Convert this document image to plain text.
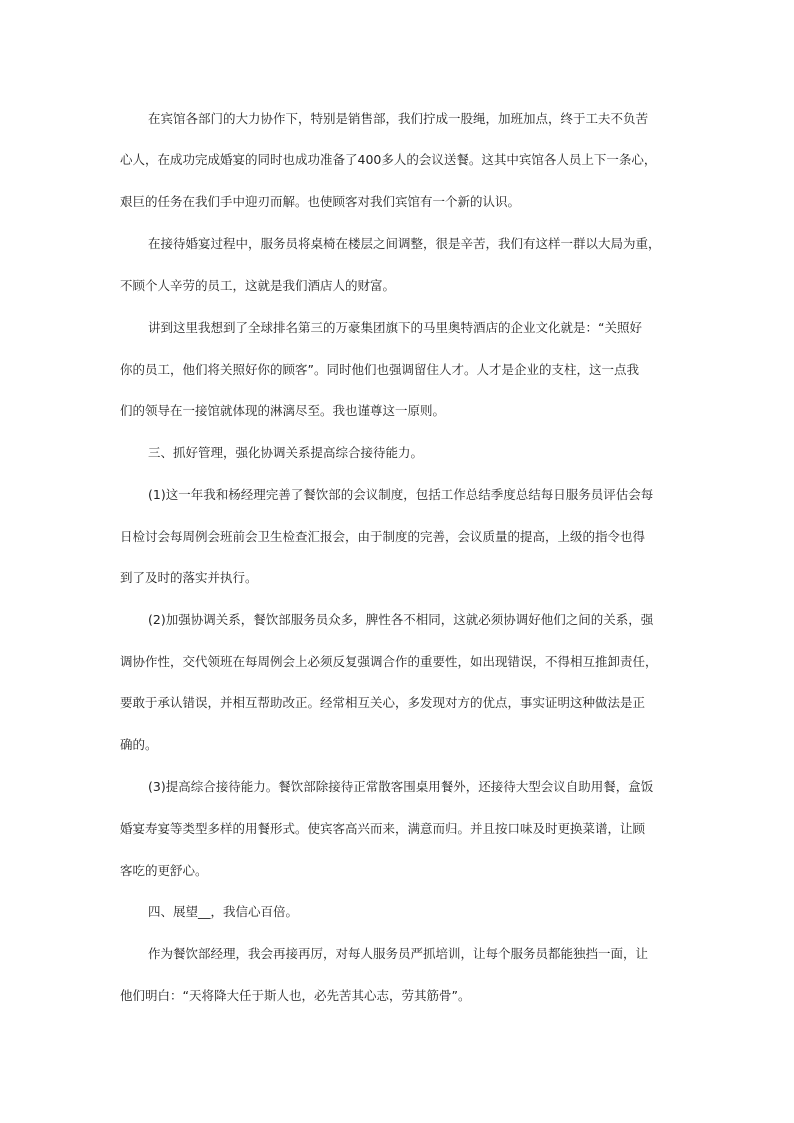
在宾馆各部门的大力协作下，特别是销售部，我们拧成一股绳，加班加点，终于工夫不负苦
心人，在成功完成婚宴的同时也成功准备了400多人的会议送餐。这其中宾馆各人员上下一条心，
艰巨的任务在我们手中迎刃而解。也使顾客对我们宾馆有一个新的认识。
在接待婚宴过程中，服务员将桌椅在楼层之间调整，很是辛苦，我们有这样一群以大局为重，
不顾个人辛劳的员工，这就是我们酒店人的财富。
讲到这里我想到了全球排名第三的万豪集团旗下的马里奥特酒店的企业文化就是：“关照好
你的员工，他们将关照好你的顾客”。同时他们也强调留住人才。人才是企业的支柱，这一点我
们的领导在一接馆就体现的淋漓尽至。我也谨尊这一原则。
三、抓好管理，强化协调关系提高综合接待能力。
(1)这一年我和杨经理完善了餐饮部的会议制度，包括工作总结季度总结每日服务员评估会每
日检讨会每周例会班前会卫生检查汇报会，由于制度的完善，会议质量的提高，上级的指令也得
到了及时的落实并执行。
(2)加强协调关系，餐饮部服务员众多，脾性各不相同，这就必须协调好他们之间的关系，强
调协作性，交代领班在每周例会上必须反复强调合作的重要性，如出现错误，不得相互推卸责任，
要敢于承认错误，并相互帮助改正。经常相互关心，多发现对方的优点，事实证明这种做法是正
确的。
(3)提高综合接待能力。餐饮部除接待正常散客围桌用餐外，还接待大型会议自助用餐，盒饭
婚宴寿宴等类型多样的用餐形式。使宾客高兴而来，满意而归。并且按口味及时更换菜谱，让顾
客吃的更舒心。
四、展望__，我信心百倍。
作为餐饮部经理，我会再接再厉，对每人服务员严抓培训，让每个服务员都能独挡一面，让
他们明白：“天将降大任于斯人也，必先苦其心志，劳其筋骨”。
